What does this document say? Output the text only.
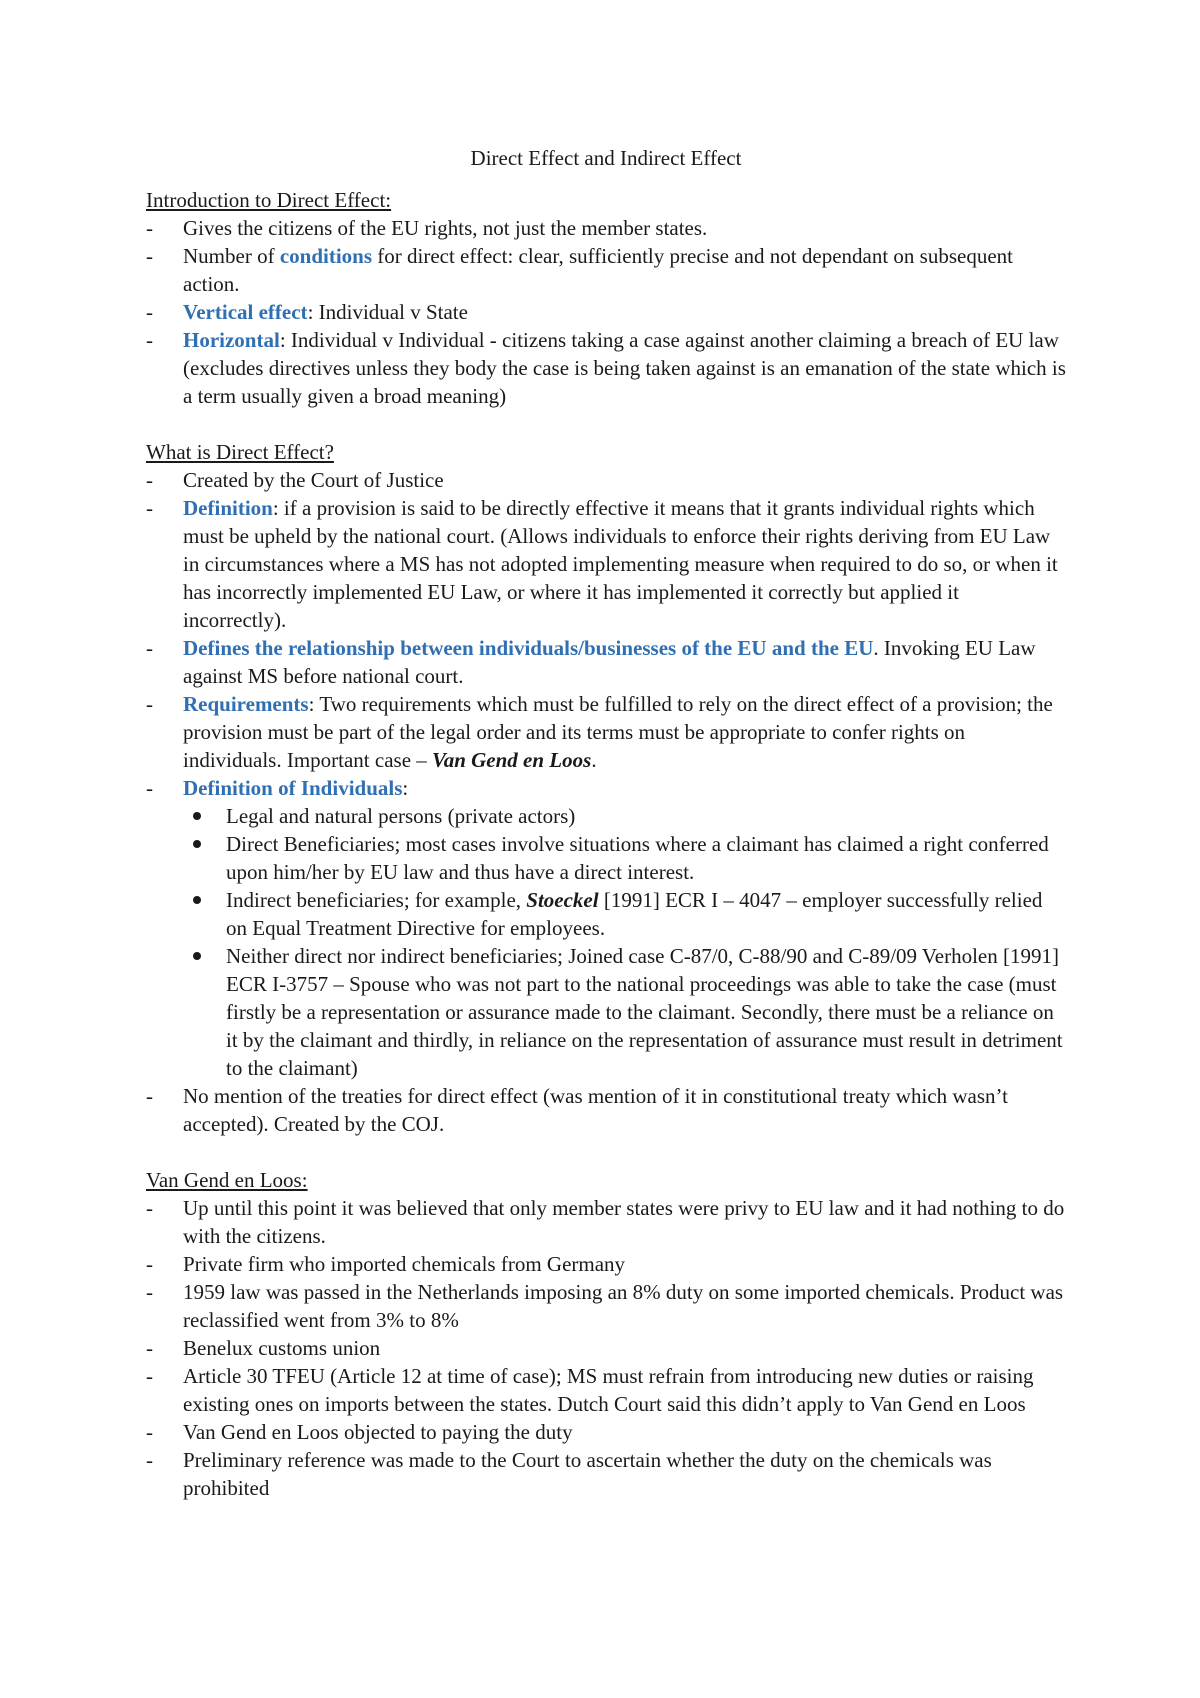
Direct Effect and Indirect Effect
Introduction to Direct Effect:
- Gives the citizens of the EU rights, not just the member states.
- Number of conditions for direct effect: clear, sufficiently precise and not dependant on subsequent action.
- Vertical effect: Individual v State
- Horizontal: Individual v Individual - citizens taking a case against another claiming a breach of EU law (excludes directives unless they body the case is being taken against is an emanation of the state which is a term usually given a broad meaning)
What is Direct Effect?
- Created by the Court of Justice
- Definition: if a provision is said to be directly effective it means that it grants individual rights which must be upheld by the national court. (Allows individuals to enforce their rights deriving from EU Law in circumstances where a MS has not adopted implementing measure when required to do so, or when it has incorrectly implemented EU Law, or where it has implemented it correctly but applied it incorrectly).
- Defines the relationship between individuals/businesses of the EU and the EU. Invoking EU Law against MS before national court.
- Requirements: Two requirements which must be fulfilled to rely on the direct effect of a provision; the provision must be part of the legal order and its terms must be appropriate to confer rights on individuals. Important case – Van Gend en Loos.
- Definition of Individuals:
Legal and natural persons (private actors)
Direct Beneficiaries; most cases involve situations where a claimant has claimed a right conferred upon him/her by EU law and thus have a direct interest.
Indirect beneficiaries; for example, Stoeckel [1991] ECR I – 4047 – employer successfully relied on Equal Treatment Directive for employees.
Neither direct nor indirect beneficiaries; Joined case C-87/0, C-88/90 and C-89/09 Verholen [1991] ECR I-3757 – Spouse who was not part to the national proceedings was able to take the case (must firstly be a representation or assurance made to the claimant. Secondly, there must be a reliance on it by the claimant and thirdly, in reliance on the representation of assurance must result in detriment to the claimant)
- No mention of the treaties for direct effect (was mention of it in constitutional treaty which wasn’t accepted). Created by the COJ.
Van Gend en Loos:
- Up until this point it was believed that only member states were privy to EU law and it had nothing to do with the citizens.
- Private firm who imported chemicals from Germany
- 1959 law was passed in the Netherlands imposing an 8% duty on some imported chemicals. Product was reclassified went from 3% to 8%
- Benelux customs union
- Article 30 TFEU (Article 12 at time of case); MS must refrain from introducing new duties or raising existing ones on imports between the states. Dutch Court said this didn’t apply to Van Gend en Loos
- Van Gend en Loos objected to paying the duty
- Preliminary reference was made to the Court to ascertain whether the duty on the chemicals was prohibited
